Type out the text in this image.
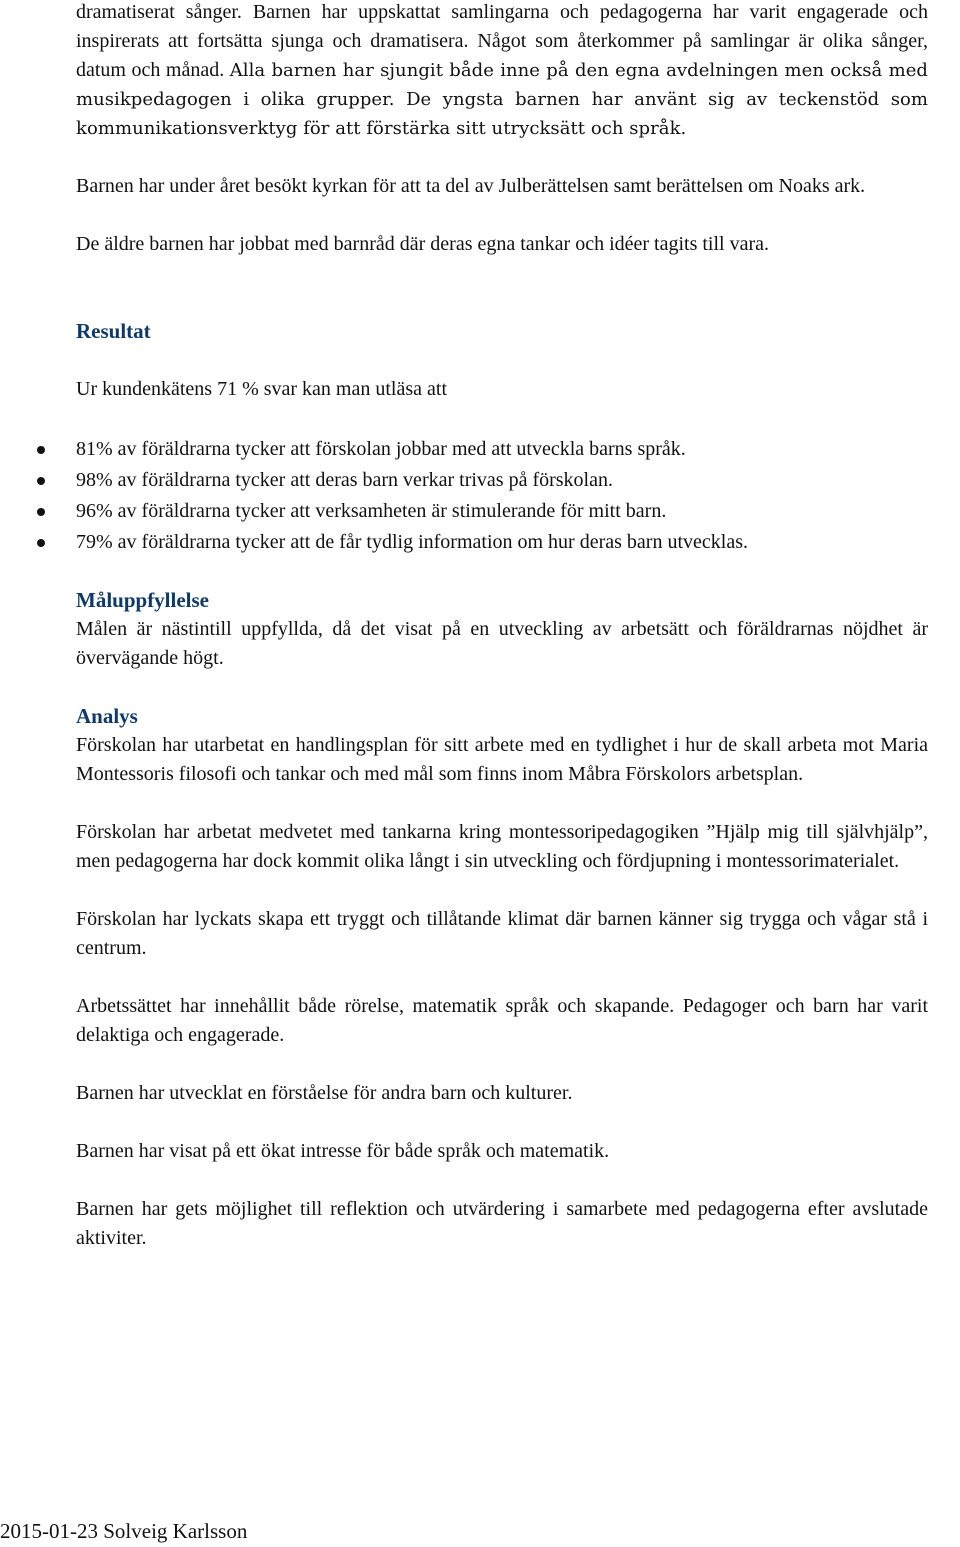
dramatiserat sånger. Barnen har uppskattat samlingarna och pedagogerna har varit engagerade och inspirerats att fortsätta sjunga och dramatisera. Något som återkommer på samlingar är olika sånger, datum och månad. Alla barnen har sjungit både inne på den egna avdelningen men också med musikpedagogen i olika grupper. De yngsta barnen har använt sig av teckenstöd som kommunikationsverktyg för att förstärka sitt utrycksätt och språk.

Barnen har under året besökt kyrkan för att ta del av Julberättelsen samt berättelsen om Noaks ark.

De äldre barnen har jobbat med barnråd där deras egna tankar och idéer tagits till vara.

Resultat

Ur kundenkätens 71 % svar kan man utläsa att

81% av föräldrarna tycker att förskolan jobbar med att utveckla barns språk.
98% av föräldrarna tycker att deras barn verkar trivas på förskolan.
96% av föräldrarna tycker att verksamheten är stimulerande för mitt barn.
79% av föräldrarna tycker att de får tydlig information om hur deras barn utvecklas.

Måluppfyllelse

Målen är nästintill uppfyllda, då det visat på en utveckling av arbetsätt och föräldrarnas nöjdhet är övervägande högt.

Analys

Förskolan har utarbetat en handlingsplan för sitt arbete med en tydlighet i hur de skall arbeta mot Maria Montessoris filosofi och tankar och med mål som finns inom Måbra Förskolors arbetsplan.

Förskolan har arbetat medvetet med tankarna kring montessoripedagogiken ”Hjälp mig till självhjälp”, men pedagogerna har dock kommit olika långt i sin utveckling och fördjupning i montessorimaterialet.

Förskolan har lyckats skapa ett tryggt och tillåtande klimat där barnen känner sig trygga och vågar stå i centrum.

Arbetssättet har innehållit både rörelse, matematik språk och skapande. Pedagoger och barn har varit delaktiga och engagerade.

Barnen har utvecklat en förståelse för andra barn och kulturer.

Barnen har visat på ett ökat intresse för både språk och matematik.

Barnen har gets möjlighet till reflektion och utvärdering i samarbete med pedagogerna efter avslutade aktiviter.

2015-01-23 Solveig Karlsson
